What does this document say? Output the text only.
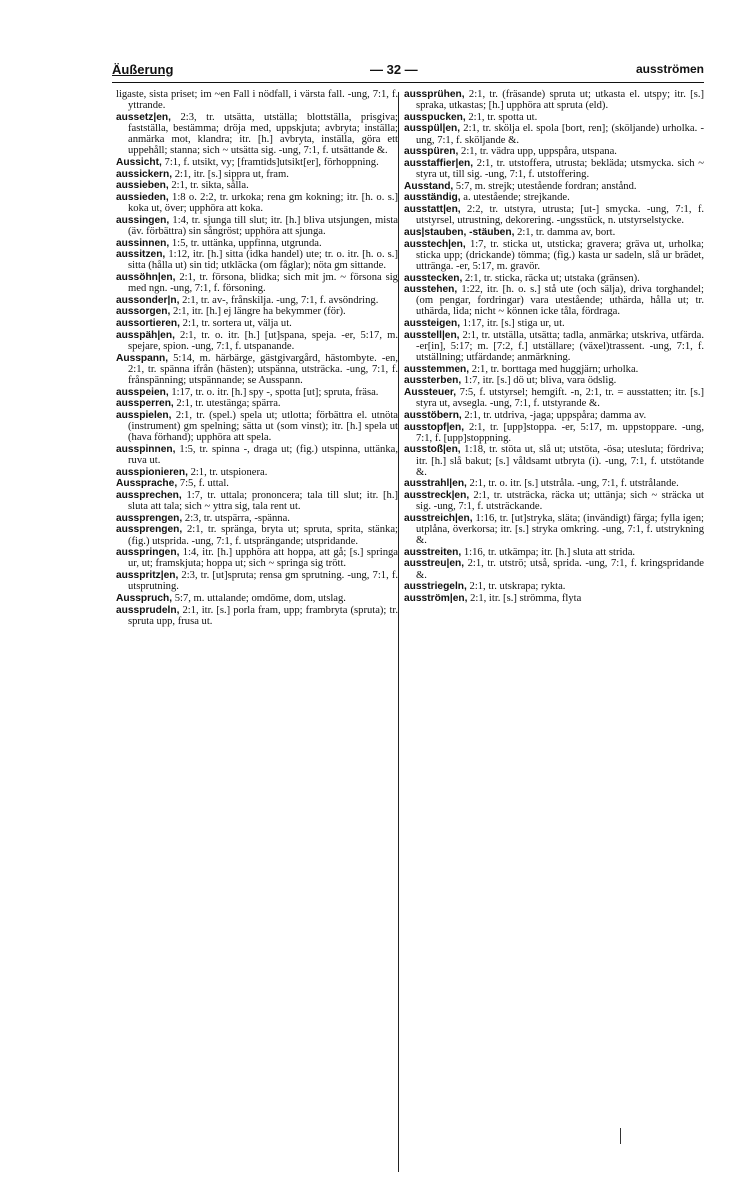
Äußerung	— 32 —	ausströmen
ligaste, sista priset; im ~en Fall i nödfall, i värsta fall. -ung, 7:1, f. yttrande.
aussetz|en, 2:3, tr. utsätta, utställa; blottställa, prisgiva; fastställa, bestämma; dröja med, uppskjuta; avbryta; inställa; anmärka mot, klandra; itr. [h.] avbryta, inställa, göra ett uppehåll; stanna; sich ~ utsätta sig. -ung, 7:1, f. utsättande &.
Aussicht, 7:1, f. utsikt, vy; [framtids]utsikt[er], förhoppning.
aussickern, 2:1, itr. [s.] sippra ut, fram.
aussieben, 2:1, tr. sikta, sålla.
aussieden, 1:8 o. 2:2, tr. urkoka; rena gm kokning; itr. [h. o. s.] koka ut, över; upphöra att koka.
aussingen, 1:4, tr. sjunga till slut; itr. [h.] bliva utsjungen, mista (äv. förbättra) sin sångröst; upphöra att sjunga.
aussinnen, 1:5, tr. uttänka, uppfinna, utgrunda.
aussitzen, 1:12, itr. [h.] sitta (idka handel) ute; tr. o. itr. [h. o. s.] sitta (hålla ut) sin tid; utkläcka (om fåglar); nöta gm sittande.
aussöhn|en, 2:1, tr. försona, blidka; sich mit jm. ~ försona sig med ngn. -ung, 7:1, f. försoning.
aussonder|n, 2:1, tr. av-, frånskilja. -ung, 7:1, f. avsöndring.
aussorgen, 2:1, itr. [h.] ej längre ha bekymmer (för).
aussortieren, 2:1, tr. sortera ut, välja ut.
ausspäh|en, 2:1, tr. o. itr. [h.] [ut]spana, speja. -er, 5:17, m. spejare, spion. -ung, 7:1, f. utspanande.
Ausspann, 5:14, m. härbärge, gästgivargård, hästombyte. -en, 2:1, tr. spänna ifrån (hästen); utspänna, utsträcka. -ung, 7:1, f. frånspänning; utspännande; se Ausspann.
ausspeien, 1:17, tr. o. itr. [h.] spy -, spotta [ut]; spruta, fräsa.
aussperren, 2:1, tr. utestänga; spärra.
ausspielen, 2:1, tr. (spel.) spela ut; utlotta; förbättra el. utnöta (instrument) gm spelning; sätta ut (som vinst); itr. [h.] spela ut (hava förhand); upphöra att spela.
ausspinnen, 1:5, tr. spinna -, draga ut; (fig.) utspinna, uttänka, ruva ut.
ausspionieren, 2:1, tr. utspionera.
Aussprache, 7:5, f. uttal.
aussprechen, 1:7, tr. uttala; prononcera; tala till slut; itr. [h.] sluta att tala; sich ~ yttra sig, tala rent ut.
aussprengen, 2:3, tr. utspärra, -spänna.
aussprengen, 2:1, tr. spränga, bryta ut; spruta, sprita, stänka; (fig.) utsprida. -ung, 7:1, f. utsprängande; utspridande.
ausspringen, 1:4, itr. [h.] upphöra att hoppa, att gå; [s.] springa ur, ut; framskjuta; hoppa ut; sich ~ springa sig trött.
ausspritz|en, 2:3, tr. [ut]spruta; rensa gm sprutning. -ung, 7:1, f. utsprutning.
Ausspruch, 5:7, m. uttalande; omdöme, dom, utslag.
aussprudeln, 2:1, itr. [s.] porla fram, upp; frambryta (spruta); tr. spruta upp, frusa ut.
aussprühen, 2:1, tr. (fräsande) spruta ut; utkasta el. utspy; itr. [s.] spraka, utkastas; [h.] upphöra att spruta (eld).
ausspucken, 2:1, tr. spotta ut.
ausspül|en, 2:1, tr. skölja el. spola [bort, ren]; (sköljande) urholka. -ung, 7:1, f. sköljande &.
ausspüren, 2:1, tr. vädra upp, uppspåra, utspana.
ausstaffier|en, 2:1, tr. utstoffera, utrusta; bekläda; utsmycka. sich ~ styra ut, till sig. -ung, 7:1, f. utstoffering.
Ausstand, 5:7, m. strejk; utestående fordran; anstånd.
ausständig, a. utestående; strejkande.
ausstatt|en, 2:2, tr. utstyra, utrusta; [ut-] smycka. -ung, 7:1, f. utstyrsel, utrustning, dekorering. -ungsstück, n. utstyrselstycke.
aus|stauben, -stäuben, 2:1, tr. damma av, bort.
ausstech|en, 1:7, tr. sticka ut, utsticka; gravera; gräva ut, urholka; sticka upp; (drickande) tömma; (fig.) kasta ur sadeln, slå ur brädet, uttränga. -er, 5:17, m. gravör.
ausstecken, 2:1, tr. sticka, räcka ut; utstaka (gränsen).
ausstehen, 1:22, itr. [h. o. s.] stå ute (och sälja), driva torghandel; (om pengar, fordringar) vara utestående; uthärda, hålla ut; tr. uthärda, lida; nicht ~ können icke tåla, fördraga.
aussteigen, 1:17, itr. [s.] stiga ur, ut.
ausstell|en, 2:1, tr. utställa, utsätta; tadla, anmärka; utskriva, utfärda. -er[in], 5:17; m. [7:2, f.] utställare; (växel)trassent. -ung, 7:1, f. utställning; utfärdande; anmärkning.
ausstemmen, 2:1, tr. borttaga med huggjärn; urholka.
aussterben, 1:7, itr. [s.] dö ut; bliva, vara ödslig.
Aussteuer, 7:5, f. utstyrsel; hemgift. -n, 2:1, tr. = ausstatten; itr. [s.] styra ut, avsegla. -ung, 7:1, f. utstyrande &.
ausstöbern, 2:1, tr. utdriva, -jaga; uppspåra; damma av.
ausstopf|en, 2:1, tr. [upp]stoppa. -er, 5:17, m. uppstoppare. -ung, 7:1, f. [upp]stoppning.
ausstoß|en, 1:18, tr. stöta ut, slå ut; utstöta, -ösa; utesluta; fördriva; itr. [h.] slå bakut; [s.] våldsamt utbryta (i). -ung, 7:1, f. utstötande &.
ausstrahl|en, 2:1, tr. o. itr. [s.] utstråla. -ung, 7:1, f. utstrålande.
ausstreck|en, 2:1, tr. utsträcka, räcka ut; uttänja; sich ~ sträcka ut sig. -ung, 7:1, f. utsträckande.
ausstreich|en, 1:16, tr. [ut]stryka, släta; (invändigt) färga; fylla igen; utplåna, överkorsa; itr. [s.] stryka omkring. -ung, 7:1, f. utstrykning &.
ausstreiten, 1:16, tr. utkämpa; itr. [h.] sluta att strida.
ausstreu|en, 2:1, tr. utströ; utså, sprida. -ung, 7:1, f. kringspridande &.
ausstriegeln, 2:1, tr. utskrapa; rykta.
ausström|en, 2:1, itr. [s.] strömma, flyta
